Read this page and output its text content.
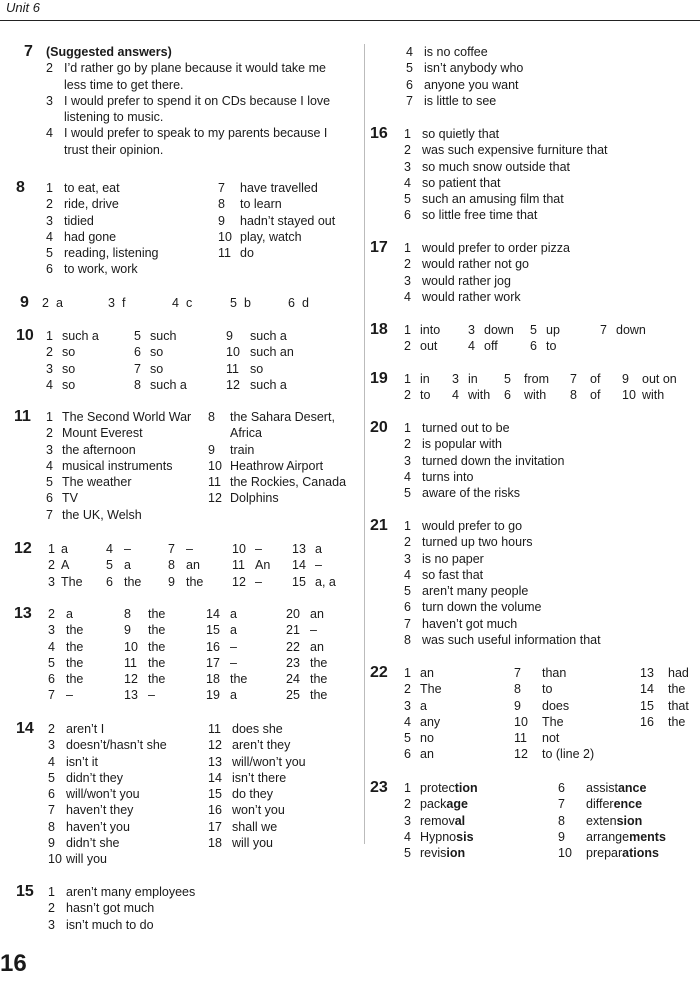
Unit 6
16
7 (Suggested answers)
2 I’d rather go by plane because it would take me
less time to get there.
3 I would prefer to spend it on CDs because I love
listening to music.
4 I would prefer to speak to my parents because I
trust their opinion.
8 1 to eat, eat	7 have travelled
2 ride, drive	8 to learn
3 tidied	9 hadn’t stayed out
4 had gone	10 play, watch
5 reading, listening	11 do
6 to work, work
9 2 a	3 f	4 c	5 b	6 d
10 1 such a	5 such	9 such a
2 so	6 so	10 such an
3 so	7 so	11 so
4 so	8 such a	12 such a
11 1 The Second World War 8 the Sahara Desert,
2 Mount Everest	Africa
3 the afternoon	9 train
4 musical instruments	10 Heathrow Airport
5 The weather	11 the Rockies, Canada
6 TV	12 Dolphins
7 the UK, Welsh
12 1 a	4 –	7 –	10 – 13 a
2 A	5 a	8 an	11 An 14 –
3 The 6 the 9 the 12 – 15 a, a
13 2 a	8 the	14 a	20 an
3 the	9 the	15 a	21 –
4 the	10 the	16 –	22 an
5 the	11 the	17 –	23 the
6 the	12 the	18 the	24 the
7 –	13 –	19 a	25 the
14 2 aren’t I	11 does she
3 doesn’t/hasn’t she	12 aren’t they
4 isn’t it	13 will/won’t you
5 didn’t they	14 isn’t there
6 will/won’t you	15 do they
7 haven’t they	16 won’t you
8 haven’t you	17 shall we
9 didn’t she	18 will you
10 will you
15 1 aren’t many employees
2 hasn’t got much
3 isn’t much to do
4 is no coffee
5 isn’t anybody who
6 anyone you want
7 is little to see
16 1 so quietly that
2 was such expensive furniture that
3 so much snow outside that
4 so patient that
5 such an amusing film that
6 so little free time that
17 1 would prefer to order pizza
2 would rather not go
3 would rather jog
4 would rather work
18 1 into 3 down 5 up	7 down
2 out 4 off	6 to
19 1 in 3 in 5 from 7 of 9 out on
2 to 4 with 6 with 8 of 10 with
20 1 turned out to be
2 is popular with
3 turned down the invitation
4 turns into
5 aware of the risks
21 1 would prefer to go
2 turned up two hours
3 is no paper
4 so fast that
5 aren’t many people
6 turn down the volume
7 haven’t got much
8 was such useful information that
22 1 an	7 than	13 had
2 The	8 to	14 the
3 a	9 does	15 that
4 any	10 The	16 the
5 no	11 not
6 an	12 to (line 2)
23 1 protection	6 assistance
2 package	7 difference
3 removal	8 extension
4 Hypnosis	9 arrangements
5 revision	10 preparations
